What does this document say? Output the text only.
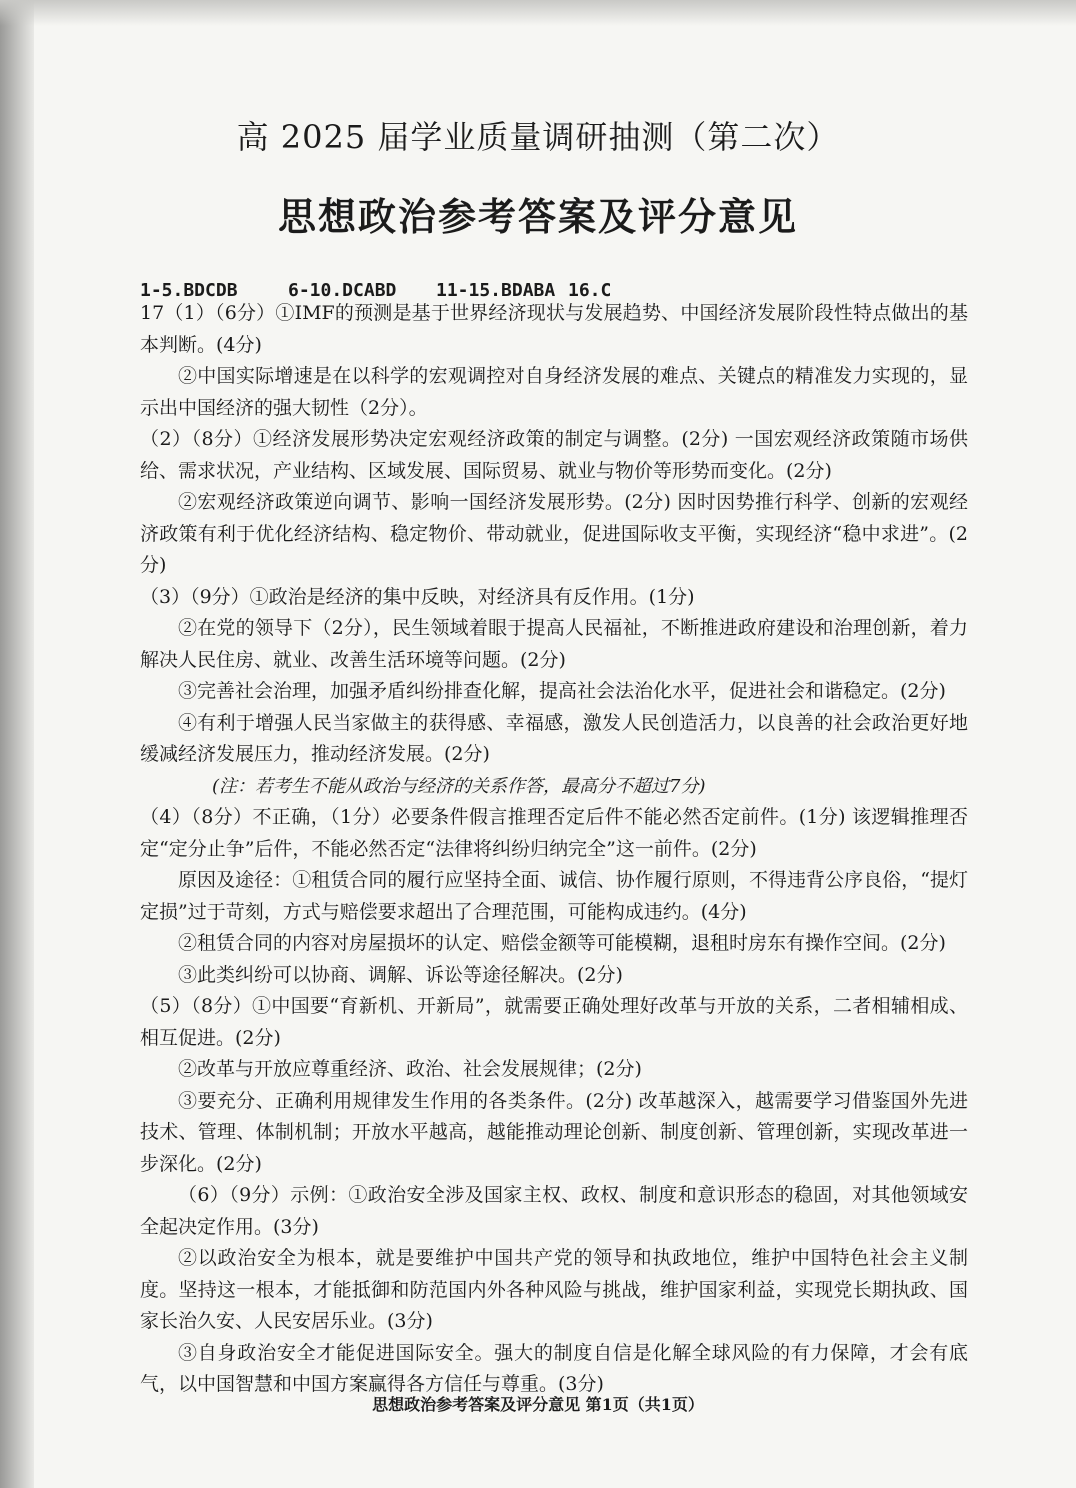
高 2025 届学业质量调研抽测（第二次）
思想政治参考答案及评分意见
1-5.BDCDB	6-10.DCABD 11-15.BDABA 16.C

17（1）（6分）①IMF的预测是基于世界经济现状与发展趋势、中国经济发展阶段性特点做出的基本判断。(4分)

②中国实际增速是在以科学的宏观调控对自身经济发展的难点、关键点的精准发力实现的，显示出中国经济的强大韧性（2分）。

（2）（8分）①经济发展形势决定宏观经济政策的制定与调整。(2分) 一国宏观经济政策随市场供给、需求状况，产业结构、区域发展、国际贸易、就业与物价等形势而变化。(2分)

②宏观经济政策逆向调节、影响一国经济发展形势。(2分) 因时因势推行科学、创新的宏观经济政策有利于优化经济结构、稳定物价、带动就业，促进国际收支平衡，实现经济“稳中求进”。(2分)

（3）（9分）①政治是经济的集中反映，对经济具有反作用。(1分)

②在党的领导下（2分），民生领域着眼于提高人民福祉，不断推进政府建设和治理创新，着力解决人民住房、就业、改善生活环境等问题。(2分)

③完善社会治理，加强矛盾纠纷排查化解，提高社会法治化水平，促进社会和谐稳定。(2分)

④有利于增强人民当家做主的获得感、幸福感，激发人民创造活力，以良善的社会政治更好地缓减经济发展压力，推动经济发展。(2分)

(注：若考生不能从政治与经济的关系作答，最高分不超过7分)

（4）（8分）不正确，（1分）必要条件假言推理否定后件不能必然否定前件。(1分) 该逻辑推理否定“定分止争”后件，不能必然否定“法律将纠纷归纳完全”这一前件。(2分)

原因及途径：①租赁合同的履行应坚持全面、诚信、协作履行原则，不得违背公序良俗，“提灯定损”过于苛刻，方式与赔偿要求超出了合理范围，可能构成违约。(4分)

②租赁合同的内容对房屋损坏的认定、赔偿金额等可能模糊，退租时房东有操作空间。(2分)

③此类纠纷可以协商、调解、诉讼等途径解决。(2分)

（5）（8分）①中国要“育新机、开新局”，就需要正确处理好改革与开放的关系，二者相辅相成、相互促进。(2分)

②改革与开放应尊重经济、政治、社会发展规律；(2分)

③要充分、正确利用规律发生作用的各类条件。(2分) 改革越深入，越需要学习借鉴国外先进技术、管理、体制机制；开放水平越高，越能推动理论创新、制度创新、管理创新，实现改革进一步深化。(2分)

（6）（9分）示例：①政治安全涉及国家主权、政权、制度和意识形态的稳固，对其他领域安全起决定作用。(3分)

②以政治安全为根本，就是要维护中国共产党的领导和执政地位，维护中国特色社会主义制度。坚持这一根本，才能抵御和防范国内外各种风险与挑战，维护国家利益，实现党长期执政、国家长治久安、人民安居乐业。(3分)

③自身政治安全才能促进国际安全。强大的制度自信是化解全球风险的有力保障，才会有底气，以中国智慧和中国方案赢得各方信任与尊重。(3分)

思想政治参考答案及评分意见 第1页（共1页）
